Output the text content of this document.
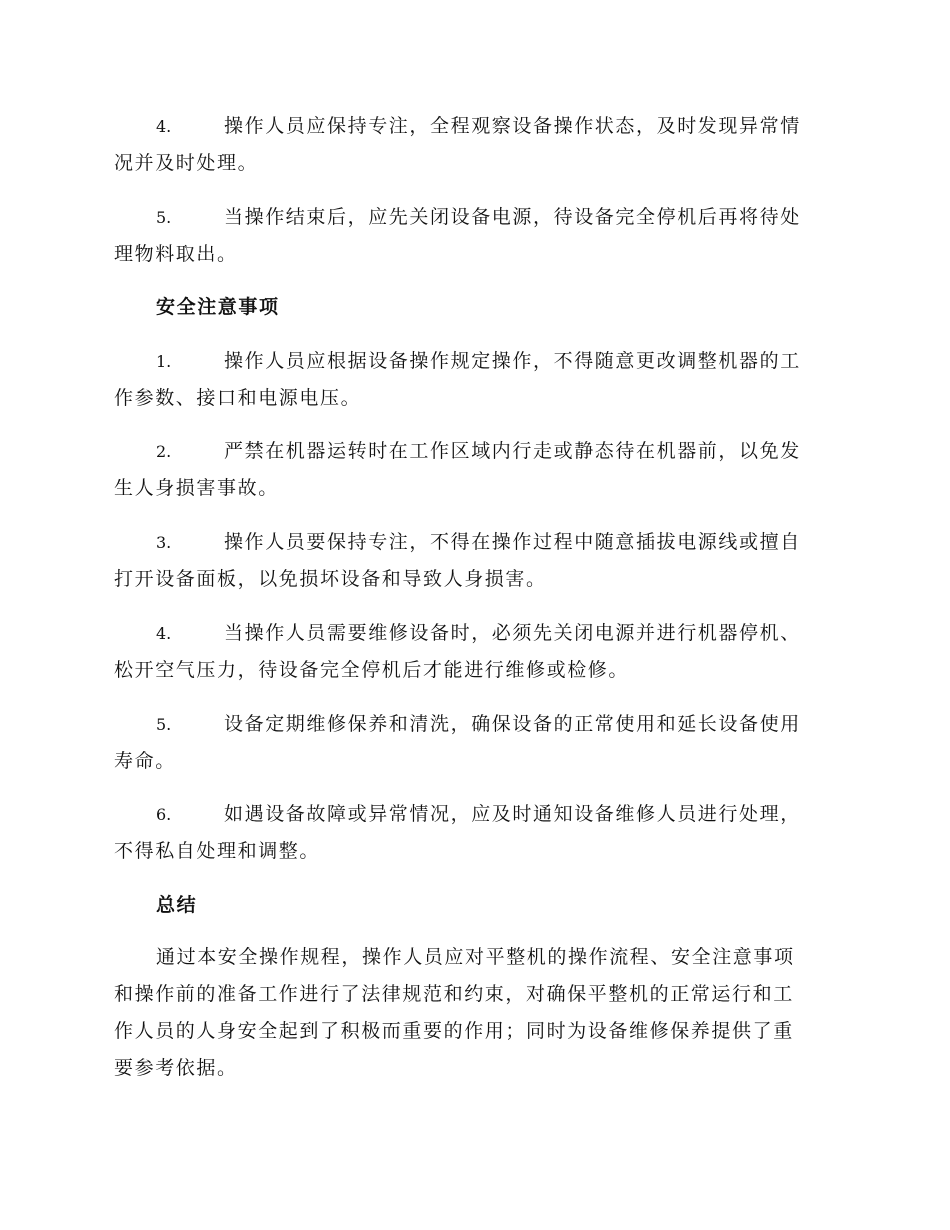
4.	操作人员应保持专注，全程观察设备操作状态，及时发现异常情
况并及时处理。
5.	当操作结束后，应先关闭设备电源，待设备完全停机后再将待处
理物料取出。
安全注意事项
1.	操作人员应根据设备操作规定操作，不得随意更改调整机器的工
作参数、接口和电源电压。
2.	严禁在机器运转时在工作区域内行走或静态待在机器前，以免发
生人身损害事故。
3.	操作人员要保持专注，不得在操作过程中随意插拔电源线或擅自
打开设备面板，以免损坏设备和导致人身损害。
4.	当操作人员需要维修设备时，必须先关闭电源并进行机器停机、
松开空气压力，待设备完全停机后才能进行维修或检修。
5.	设备定期维修保养和清洗，确保设备的正常使用和延长设备使用
寿命。
6.	如遇设备故障或异常情况，应及时通知设备维修人员进行处理，
不得私自处理和调整。
总结
通过本安全操作规程，操作人员应对平整机的操作流程、安全注意事项
和操作前的准备工作进行了法律规范和约束，对确保平整机的正常运行和工
作人员的人身安全起到了积极而重要的作用；同时为设备维修保养提供了重
要参考依据。
